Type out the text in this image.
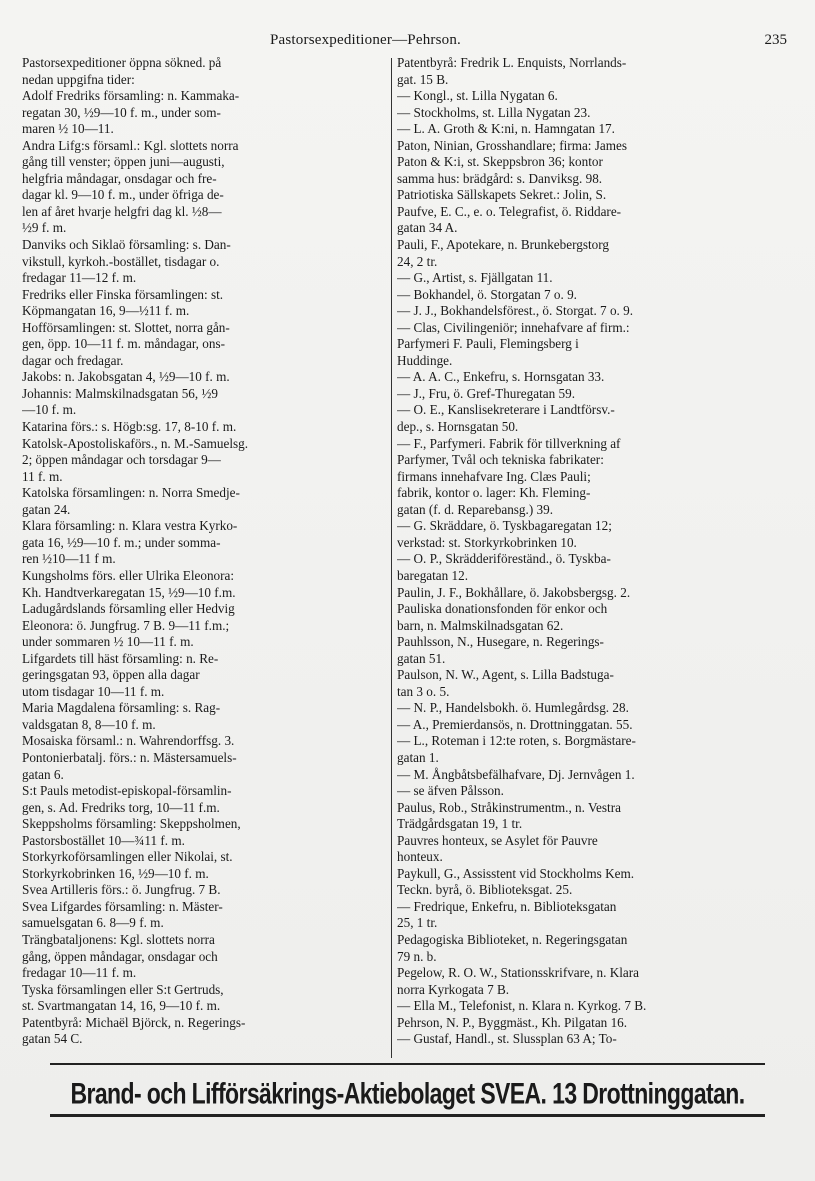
Pastorsexpeditioner—Pehrson.	235
Pastorsexpeditioner öppna sökned. på
nedan uppgifna tider:
Adolf Fredriks församling: n. Kammaka-
regatan 30, ½9—10 f. m., under som-
maren ½ 10—11.
Andra Lifg:s församl.: Kgl. slottets norra
gång till venster; öppen juni—augusti,
helgfria måndagar, onsdagar och fre-
dagar kl. 9—10 f. m., under öfriga de-
len af året hvarje helgfri dag kl. ½8—
½9 f. m.
Danviks och Siklaö församling: s. Dan-
vikstull, kyrkoh.-bostället, tisdagar o.
fredagar 11—12 f. m.
Fredriks eller Finska församlingen: st.
Köpmangatan 16, 9—½11 f. m.
Hofförsamlingen: st. Slottet, norra gån-
gen, öpp. 10—11 f. m. måndagar, ons-
dagar och fredagar.
Jakobs: n. Jakobsgatan 4, ½9—10 f. m.
Johannis: Malmskilnadsgatan 56, ½9
—10 f. m.
Katarina förs.: s. Högb:sg. 17, 8-10 f. m.
Katolsk-Apostoliskaförs., n. M.-Samuelsg.
2; öppen måndagar och torsdagar 9—
11 f. m.
Katolska församlingen: n. Norra Smedje-
gatan 24.
Klara församling: n. Klara vestra Kyrko-
gata 16, ½9—10 f. m.; under somma-
ren ½10—11 f m.
Kungsholms förs. eller Ulrika Eleonora:
Kh. Handtverkaregatan 15, ½9—10 f.m.
Ladugårdslands församling eller Hedvig
Eleonora: ö. Jungfrug. 7 B. 9—11 f.m.;
under sommaren ½ 10—11 f. m.
Lifgardets till häst församling: n. Re-
geringsgatan 93, öppen alla dagar
utom tisdagar 10—11 f. m.
Maria Magdalena församling: s. Rag-
valdsgatan 8, 8—10 f. m.
Mosaiska församl.: n. Wahrendorffsg. 3.
Pontonierbatalj. förs.: n. Mästersamuels-
gatan 6.
S:t Pauls metodist-episkopal-församlin-
gen, s. Ad. Fredriks torg, 10—11 f.m.
Skeppsholms församling: Skeppsholmen,
Pastorsbostället 10—¾11 f. m.
Storkyrkoförsamlingen eller Nikolai, st.
Storkyrkobrinken 16, ½9—10 f. m.
Svea Artilleris förs.: ö. Jungfrug. 7 B.
Svea Lifgardes församling: n. Mäster-
samuelsgatan 6. 8—9 f. m.
Trängbataljonens: Kgl. slottets norra
gång, öppen måndagar, onsdagar och
fredagar 10—11 f. m.
Tyska församlingen eller S:t Gertruds,
st. Svartmangatan 14, 16, 9—10 f. m.
Patentbyrå: Michaël Björck, n. Regerings-
gatan 54 C.
Patentbyrå: Fredrik L. Enquists, Norrlands-
gat. 15 B.
— Kongl., st. Lilla Nygatan 6.
— Stockholms, st. Lilla Nygatan 23.
— L. A. Groth & K:ni, n. Hamngatan 17.
Paton, Ninian, Grosshandlare; firma: James
Paton & K:i, st. Skeppsbron 36; kontor
samma hus: brädgård: s. Danviksg. 98.
Patriotiska Sällskapets Sekret.: Jolin, S.
Paufve, E. C., e. o. Telegrafist, ö. Riddare-
gatan 34 A.
Pauli, F., Apotekare, n. Brunkebergstorg
24, 2 tr.
— G., Artist, s. Fjällgatan 11.
— Bokhandel, ö. Storgatan 7 o. 9.
— J. J., Bokhandelsförest., ö. Storgat. 7 o. 9.
— Clas, Civilingeniör; innehafvare af firm.:
Parfymeri F. Pauli, Flemingsberg i
Huddinge.
— A. A. C., Enkefru, s. Hornsgatan 33.
— J., Fru, ö. Gref-Thuregatan 59.
— O. E., Kanslisekreterare i Landtförsv.-
dep., s. Hornsgatan 50.
— F., Parfymeri. Fabrik för tillverkning af
Parfymer, Tvål och tekniska fabrikater:
firmans innehafvare Ing. Clæs Pauli;
fabrik, kontor o. lager: Kh. Fleming-
gatan (f. d. Reparebansg.) 39.
— G. Skräddare, ö. Tyskbagaregatan 12;
verkstad: st. Storkyrkobrinken 10.
— O. P., Skrädderiföreständ., ö. Tyskba-
baregatan 12.
Paulin, J. F., Bokhållare, ö. Jakobsbergsg. 2.
Pauliska donationsfonden för enkor och
barn, n. Malmskilnadsgatan 62.
Pauhlsson, N., Husegare, n. Regerings-
gatan 51.
Paulson, N. W., Agent, s. Lilla Badstuga-
tan 3 o. 5.
— N. P., Handelsbokh. ö. Humlegårdsg. 28.
— A., Premierdansös, n. Drottninggatan. 55.
— L., Roteman i 12:te roten, s. Borgmästare-
gatan 1.
— M. Ångbåtsbefälhafvare, Dj. Jernvågen 1.
— se äfven Pålsson.
Paulus, Rob., Stråkinstrumentm., n. Vestra
Trädgårdsgatan 19, 1 tr.
Pauvres honteux, se Asylet för Pauvre
honteux.
Paykull, G., Assisstent vid Stockholms Kem.
Teckn. byrå, ö. Biblioteksgat. 25.
— Fredrique, Enkefru, n. Biblioteksgatan
25, 1 tr.
Pedagogiska Biblioteket, n. Regeringsgatan
79 n. b.
Pegelow, R. O. W., Stationsskrifvare, n. Klara
norra Kyrkogata 7 B.
— Ella M., Telefonist, n. Klara n. Kyrkog. 7 B.
Pehrson, N. P., Byggmäst., Kh. Pilgatan 16.
— Gustaf, Handl., st. Slussplan 63 A; To-
Brand- och Lifförsäkrings-Aktiebolaget SVEA. 13 Drottninggatan.
